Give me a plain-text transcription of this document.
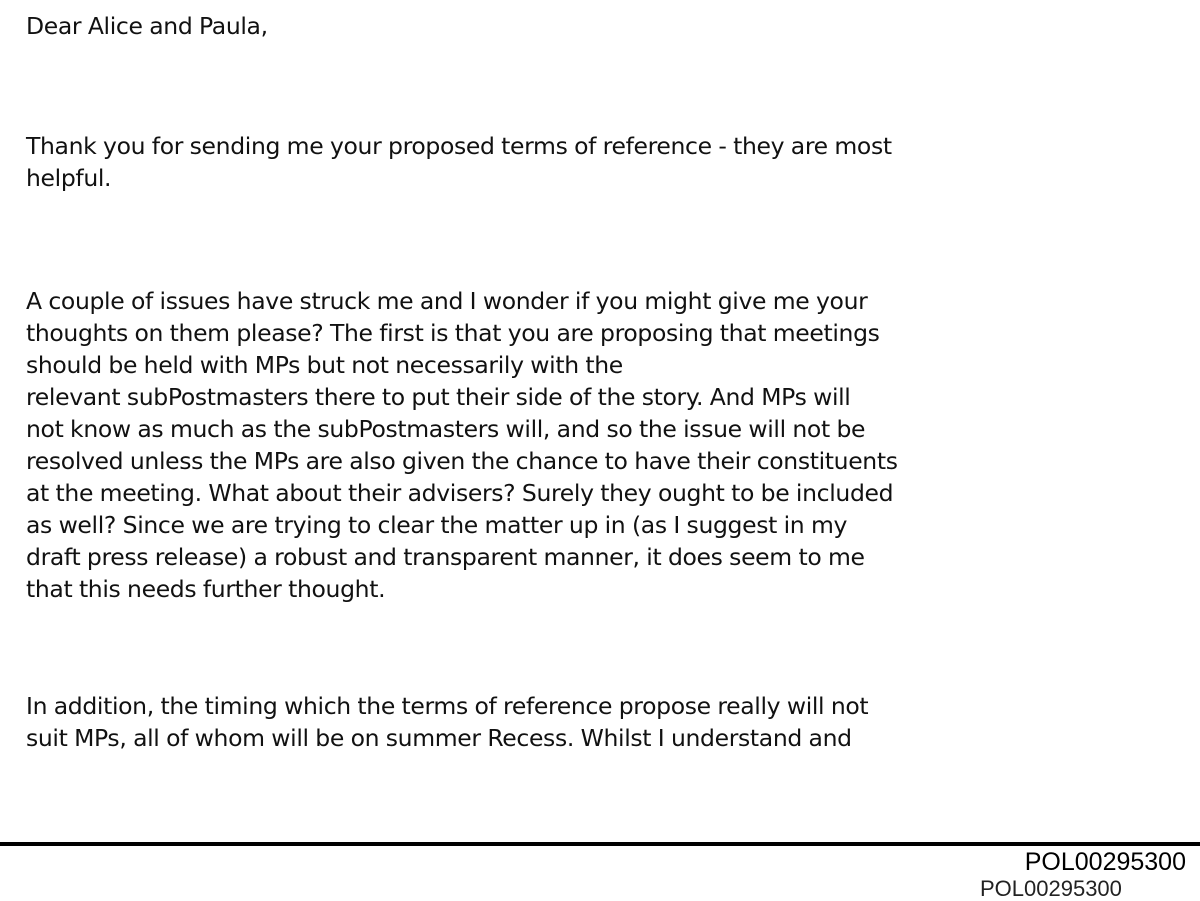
Dear Alice and Paula,
Thank you for sending me your proposed terms of reference - they are most
helpful.
A couple of issues have struck me and I wonder if you might give me your
thoughts on them please? The first is that you are proposing that meetings
should be held with MPs but not necessarily with the
relevant subPostmasters there to put their side of the story. And MPs will
not know as much as the subPostmasters will, and so the issue will not be
resolved unless the MPs are also given the chance to have their constituents
at the meeting. What about their advisers? Surely they ought to be included
as well? Since we are trying to clear the matter up in (as I suggest in my
draft press release) a robust and transparent manner, it does seem to me
that this needs further thought.
In addition, the timing which the terms of reference propose really will not
suit MPs, all of whom will be on summer Recess. Whilst I understand and
POL00295300
POL00295300
